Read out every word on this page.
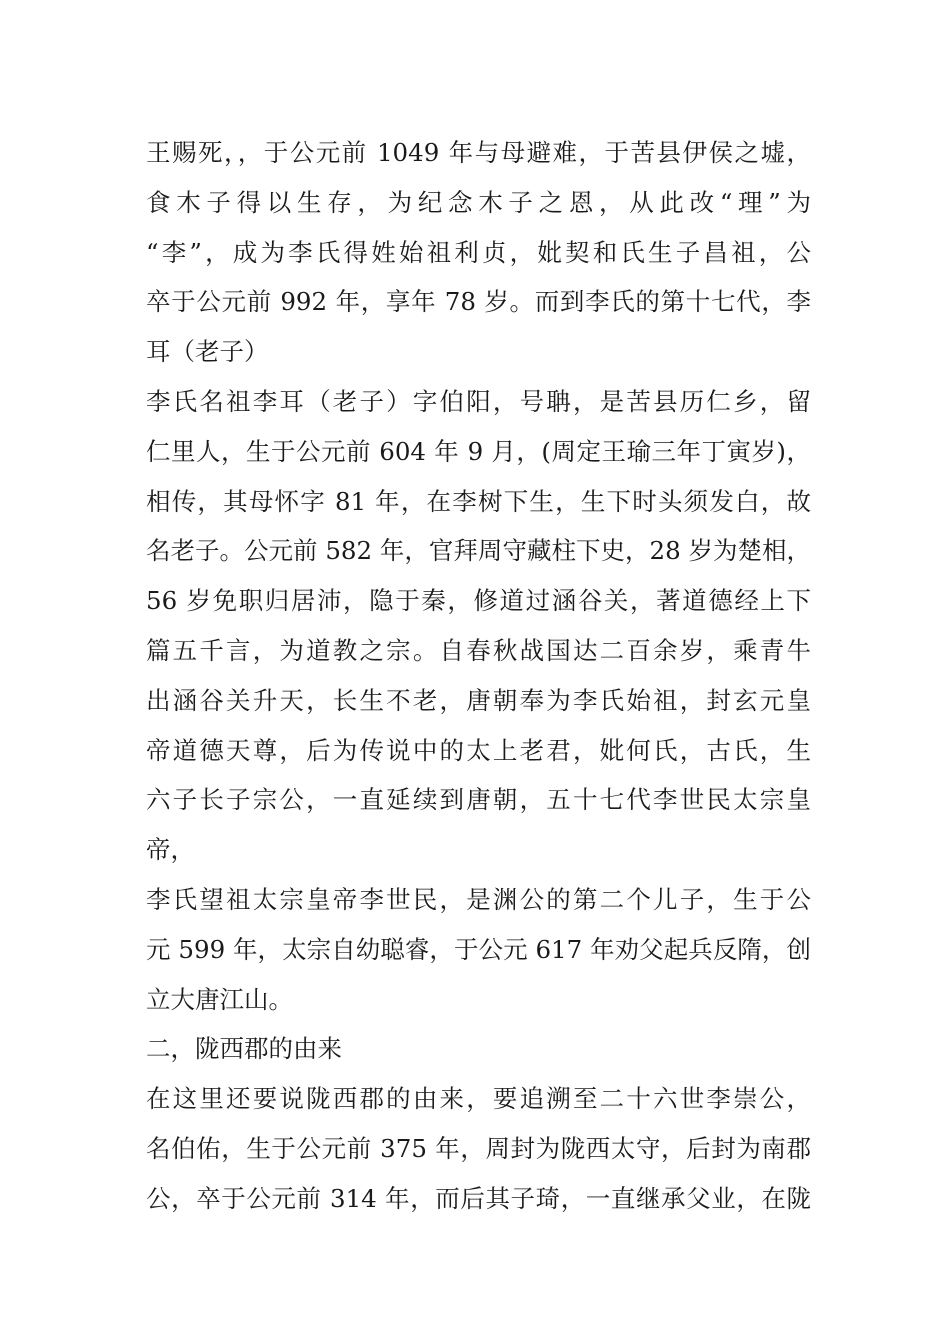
王赐死，，于公元前 1049 年与母避难，于苦县伊侯之墟，
食木子得以生存，为纪念木子之恩，从此改“理”为
“李”，成为李氏得姓始祖利贞，妣契和氏生子昌祖，公
卒于公元前 992 年，享年 78 岁。而到李氏的第十七代，李
耳（老子）
李氏名祖李耳（老子）字伯阳，号聃，是苦县历仁乡，留
仁里人，生于公元前 604 年 9 月，(周定王瑜三年丁寅岁)，
相传，其母怀字 81 年，在李树下生，生下时头须发白，故
名老子。公元前 582 年，官拜周守藏柱下史，28 岁为楚相，
56 岁免职归居沛，隐于秦，修道过涵谷关，著道德经上下
篇五千言，为道教之宗。自春秋战国达二百余岁，乘青牛
出涵谷关升天，长生不老，唐朝奉为李氏始祖，封玄元皇
帝道德天尊，后为传说中的太上老君，妣何氏，古氏，生
六子长子宗公，一直延续到唐朝，五十七代李世民太宗皇
帝，
李氏望祖太宗皇帝李世民，是渊公的第二个儿子，生于公
元 599 年，太宗自幼聪睿，于公元 617 年劝父起兵反隋，创
立大唐江山。
二，陇西郡的由来
在这里还要说陇西郡的由来，要追溯至二十六世李崇公，
名伯佑，生于公元前 375 年，周封为陇西太守，后封为南郡
公，卒于公元前 314 年，而后其子琦，一直继承父业，在陇
